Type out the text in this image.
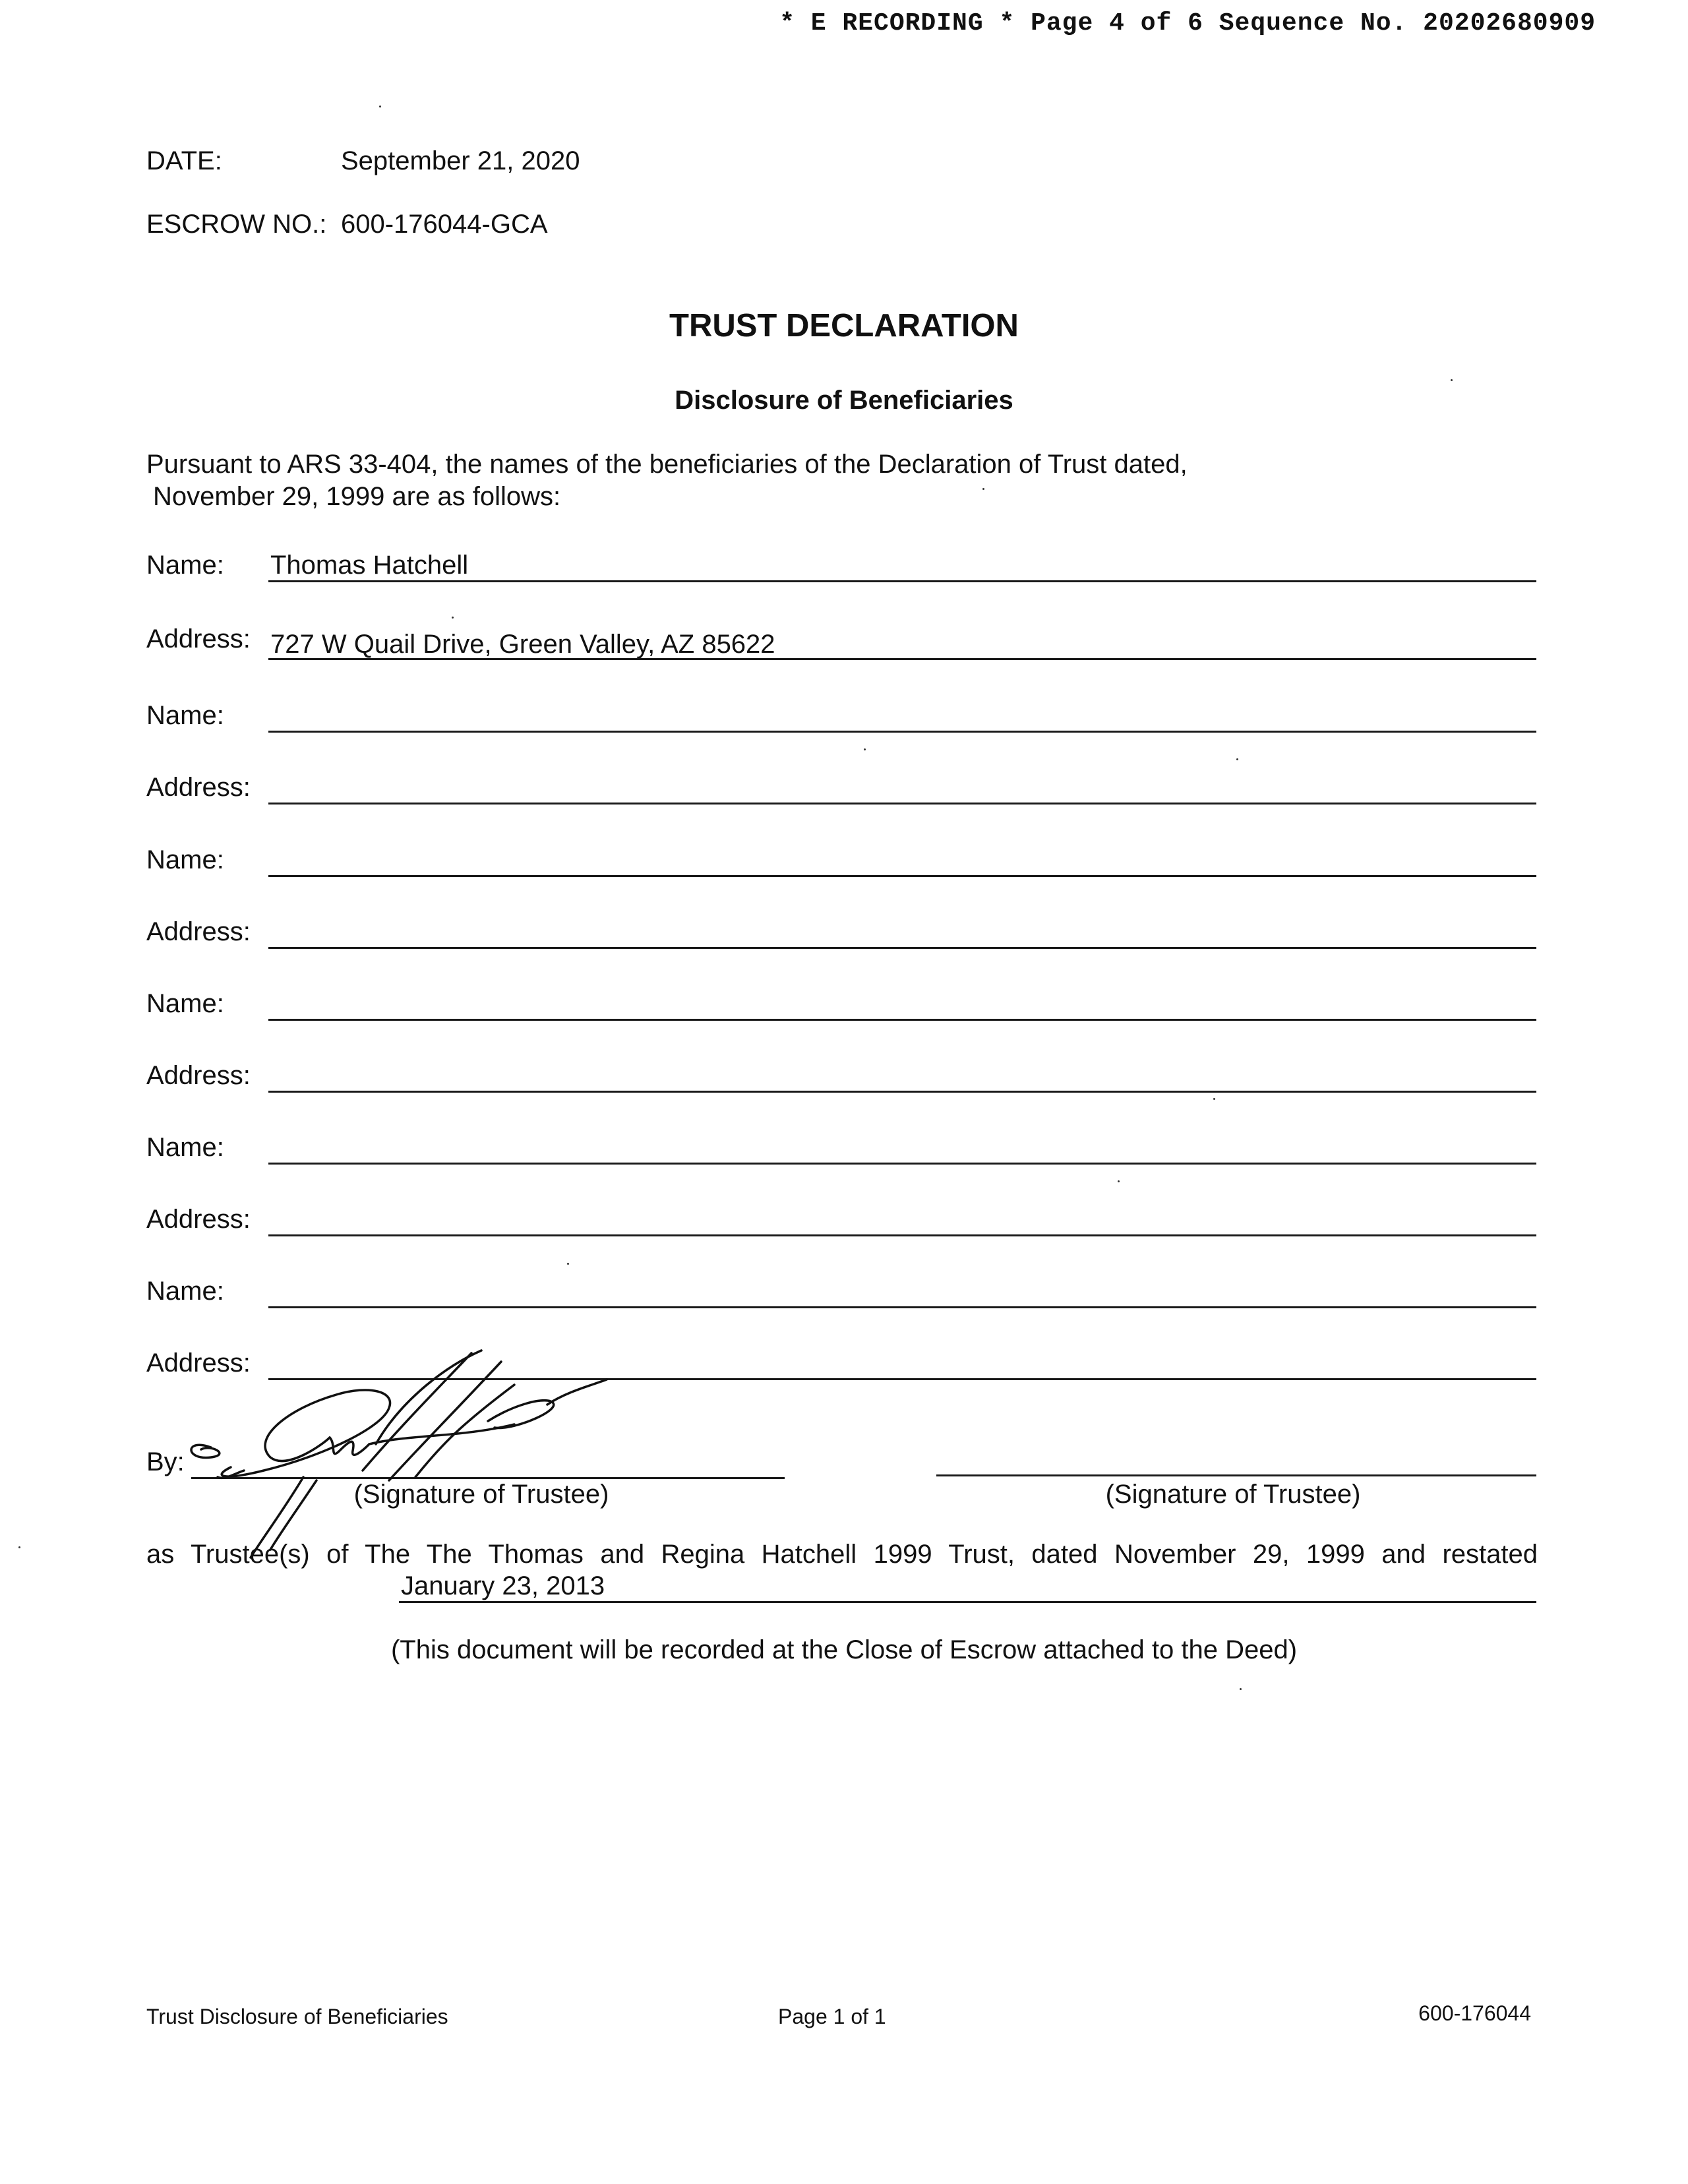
* E RECORDING * Page 4 of 6 Sequence No. 20202680909
DATE:	September 21, 2020
ESCROW NO.: 600-176044-GCA
TRUST DECLARATION
Disclosure of Beneficiaries
Pursuant to ARS 33-404, the names of the beneficiaries of the Declaration of Trust dated,
November 29, 1999 are as follows:
Name: Thomas Hatchell
Address: 727 W Quail Drive, Green Valley, AZ 85622
Name:
Address:
Name:
Address:
Name:
Address:
Name:
Address:
Name:
Address:
By:
(Signature of Trustee)	(Signature of Trustee)
as Trustee(s) of The The Thomas and Regina Hatchell 1999 Trust, dated November 29, 1999 and restated
January 23, 2013
(This document will be recorded at the Close of Escrow attached to the Deed)
Trust Disclosure of Beneficiaries	Page 1 of 1	600-176044
